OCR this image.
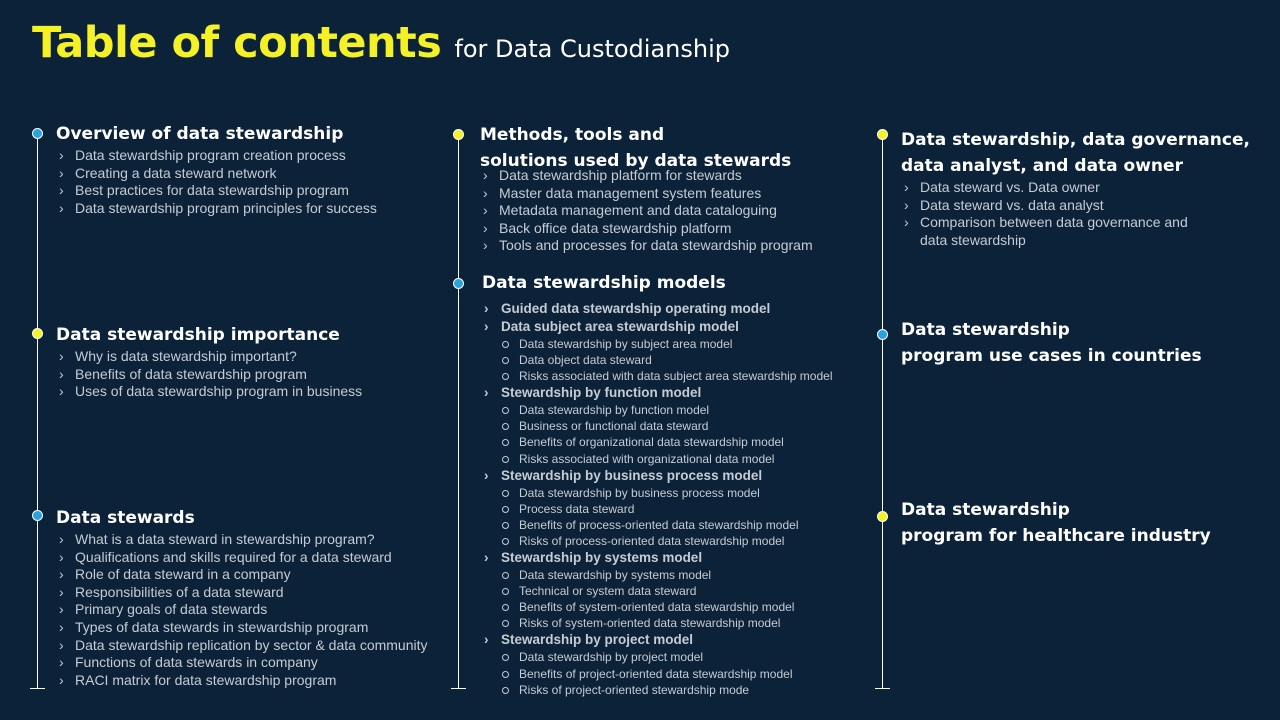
Table of contents for Data Custodianship
Overview of data stewardship
› Data stewardship program creation process
› Creating a data steward network
› Best practices for data stewardship program
› Data stewardship program principles for success
Data stewardship importance
› Why is data stewardship important?
› Benefits of data stewardship program
› Uses of data stewardship program in business
Data stewards
› What is a data steward in stewardship program?
› Qualifications and skills required for a data steward
› Role of data steward in a company
› Responsibilities of a data steward
› Primary goals of data stewards
› Types of data stewards in stewardship program
› Data stewardship replication by sector & data community
› Functions of data stewards in company
› RACI matrix for data stewardship program
Methods, tools and
solutions used by data stewards
› Data stewardship platform for stewards
› Master data management system features
› Metadata management and data cataloguing
› Back office data stewardship platform
› Tools and processes for data stewardship program
Data stewardship models
› Guided data stewardship operating model
› Data subject area stewardship model
Data stewardship by subject area model
Data object data steward
Risks associated with data subject area stewardship model
› Stewardship by function model
Data stewardship by function model
Business or functional data steward
Benefits of organizational data stewardship model
Risks associated with organizational data model
› Stewardship by business process model
Data stewardship by business process model
Process data steward
Benefits of process-oriented data stewardship model
Risks of process-oriented data stewardship model
› Stewardship by systems model
Data stewardship by systems model
Technical or system data steward
Benefits of system-oriented data stewardship model
Risks of system-oriented data stewardship model
› Stewardship by project model
Data stewardship by project model
Benefits of project-oriented data stewardship model
Risks of project-oriented stewardship mode
Data stewardship, data governance,
data analyst, and data owner
› Data steward vs. Data owner
› Data steward vs. data analyst
› Comparison between data governance and data stewardship
Data stewardship
program use cases in countries
Data stewardship
program for healthcare industry
